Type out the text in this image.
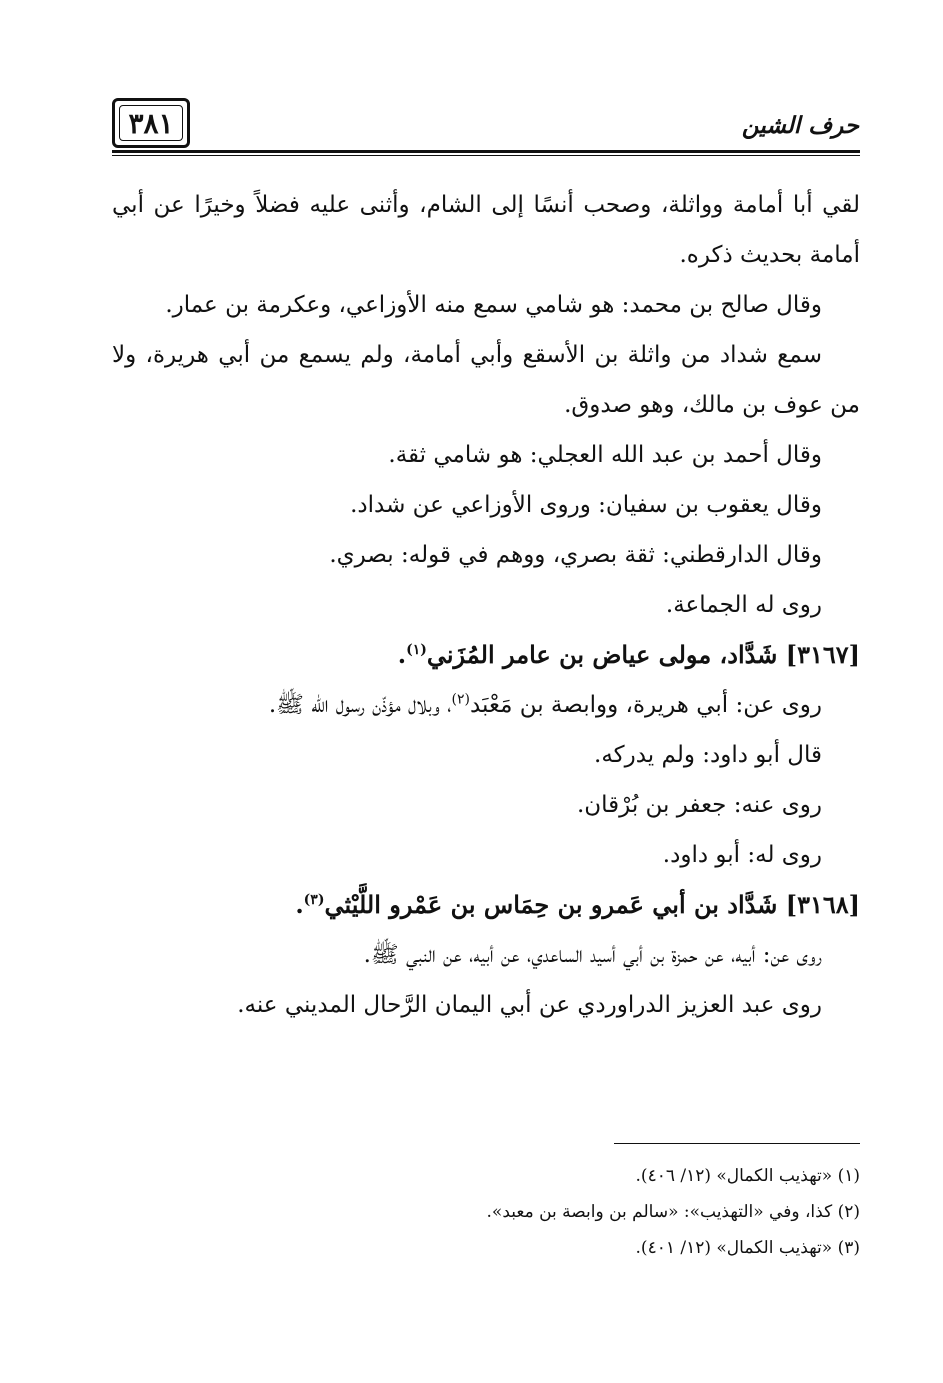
٣٨١	حرف الشين

لقي أبا أمامة وواثلة، وصحب أنسًا إلى الشام، وأثنى عليه فضلاً وخيرًا عن أبي أمامة بحديث ذكره.

وقال صالح بن محمد: هو شامي سمع منه الأوزاعي، وعكرمة بن عمار.

سمع شداد من واثلة بن الأسقع وأبي أمامة، ولم يسمع من أبي هريرة، ولا من عوف بن مالك، وهو صدوق.

وقال أحمد بن عبد الله العجلي: هو شامي ثقة.

وقال يعقوب بن سفيان: وروى الأوزاعي عن شداد.

وقال الدارقطني: ثقة بصري، ووهم في قوله: بصري.

روى له الجماعة.

[٣١٦٧] شَدَّاد، مولى عياض بن عامر المُزَني$^{(١)}$.

روى عن: أبي هريرة، ووابصة بن مَعْبَد$^{(٢)}$، وبلال مؤذّن رسول الله ﷺ.

قال أبو داود: ولم يدركه.

روى عنه: جعفر بن بُرْقان.

روى له: أبو داود.

[٣١٦٨] شَدَّاد بن أبي عَمرو بن حِمَاس بن عَمْرو اللَّيْثي$^{(٣)}$.

روى عن: أبيه، عن حمزة بن أبي أسيد الساعدي، عن أبيه، عن النبي ﷺ.

روى عبد العزيز الدراوردي عن أبي اليمان الرَّحال المديني عنه.

(١) «تهذيب الكمال» (١٢/ ٤٠٦).

(٢) كذا، وفي «التهذيب»: «سالم بن وابصة بن معبد».

(٣) «تهذيب الكمال» (١٢/ ٤٠١).
